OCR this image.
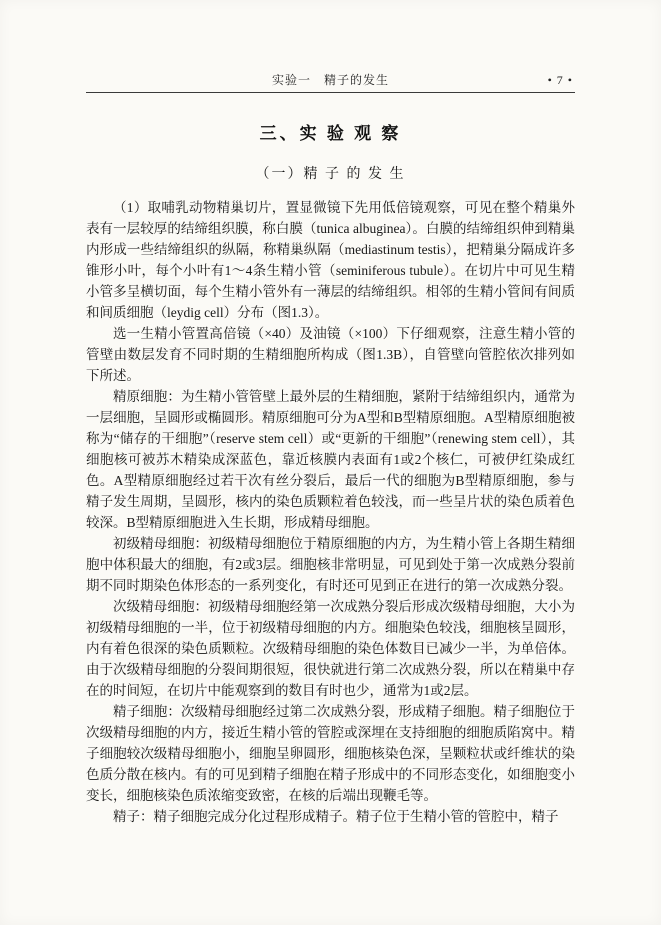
实验一　精子的发生	• 7 •
三、实 验 观 察
（一）精 子 的 发 生

（1）取哺乳动物精巢切片，置显微镜下先用低倍镜观察，可见在整个精巢外表有一层较厚的结缔组织膜，称白膜（tunica albuginea）。白膜的结缔组织伸到精巢内形成一些结缔组织的纵隔，称精巢纵隔（mediastinum testis），把精巢分隔成许多锥形小叶，每个小叶有1～4条生精小管（seminiferous tubule）。在切片中可见生精小管多呈横切面，每个生精小管外有一薄层的结缔组织。相邻的生精小管间有间质和间质细胞（leydig cell）分布（图1.3）。

选一生精小管置高倍镜（×40）及油镜（×100）下仔细观察，注意生精小管的管壁由数层发育不同时期的生精细胞所构成（图1.3B），自管壁向管腔依次排列如下所述。

精原细胞：为生精小管管壁上最外层的生精细胞，紧附于结缔组织内，通常为一层细胞，呈圆形或椭圆形。精原细胞可分为A型和B型精原细胞。A型精原细胞被称为“储存的干细胞”（reserve stem cell）或“更新的干细胞”（renewing stem cell），其细胞核可被苏木精染成深蓝色，靠近核膜内表面有1或2个核仁，可被伊红染成红色。A型精原细胞经过若干次有丝分裂后，最后一代的细胞为B型精原细胞，参与精子发生周期，呈圆形，核内的染色质颗粒着色较浅，而一些呈片状的染色质着色较深。B型精原细胞进入生长期，形成精母细胞。

初级精母细胞：初级精母细胞位于精原细胞的内方，为生精小管上各期生精细胞中体积最大的细胞，有2或3层。细胞核非常明显，可见到处于第一次成熟分裂前期不同时期染色体形态的一系列变化，有时还可见到正在进行的第一次成熟分裂。

次级精母细胞：初级精母细胞经第一次成熟分裂后形成次级精母细胞，大小为初级精母细胞的一半，位于初级精母细胞的内方。细胞染色较浅，细胞核呈圆形，内有着色很深的染色质颗粒。次级精母细胞的染色体数目已减少一半，为单倍体。由于次级精母细胞的分裂间期很短，很快就进行第二次成熟分裂，所以在精巢中存在的时间短，在切片中能观察到的数目有时也少，通常为1或2层。

精子细胞：次级精母细胞经过第二次成熟分裂，形成精子细胞。精子细胞位于次级精母细胞的内方，接近生精小管的管腔或深埋在支持细胞的细胞质陷窝中。精子细胞较次级精母细胞小，细胞呈卵圆形，细胞核染色深，呈颗粒状或纤维状的染色质分散在核内。有的可见到精子细胞在精子形成中的不同形态变化，如细胞变小变长，细胞核染色质浓缩变致密，在核的后端出现鞭毛等。

精子：精子细胞完成分化过程形成精子。精子位于生精小管的管腔中，精子
